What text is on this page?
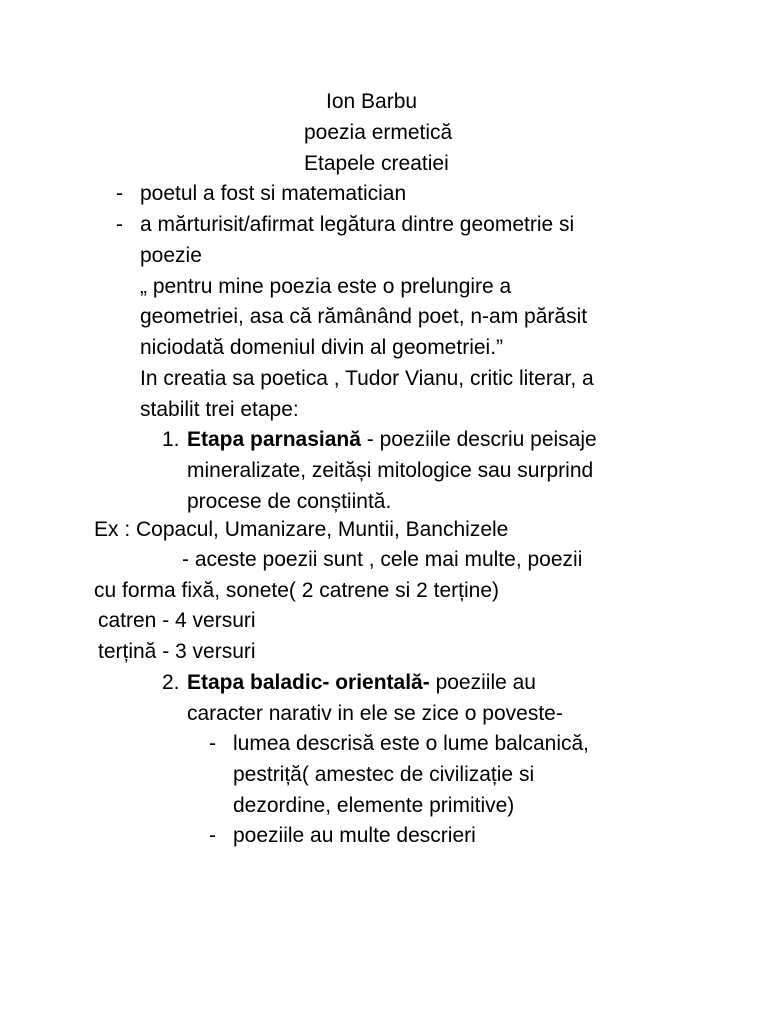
Ion Barbu
poezia ermetică
Etapele creatiei
- poetul a fost si matematician
- a mărturisit/afirmat legătura dintre geometrie si
poezie
„ pentru mine poezia este o prelungire a
geometriei, asa că rămânând poet, n-am părăsit
niciodată domeniul divin al geometriei.”
In creatia sa poetica , Tudor Vianu, critic literar, a
stabilit trei etape:
1. Etapa parnasiană - poeziile descriu peisaje
mineralizate, zeităși mitologice sau surprind
procese de conștiintă.
Ex : Copacul, Umanizare, Muntii, Banchizele
- aceste poezii sunt , cele mai multe, poezii
cu forma fixă, sonete( 2 catrene si 2 terține)
catren - 4 versuri
terțină - 3 versuri
2. Etapa baladic- orientală- poeziile au
caracter narativ in ele se zice o poveste-
- lumea descrisă este o lume balcanică,
pestriță( amestec de civilizație si
dezordine, elemente primitive)
- poeziile au multe descrieri
